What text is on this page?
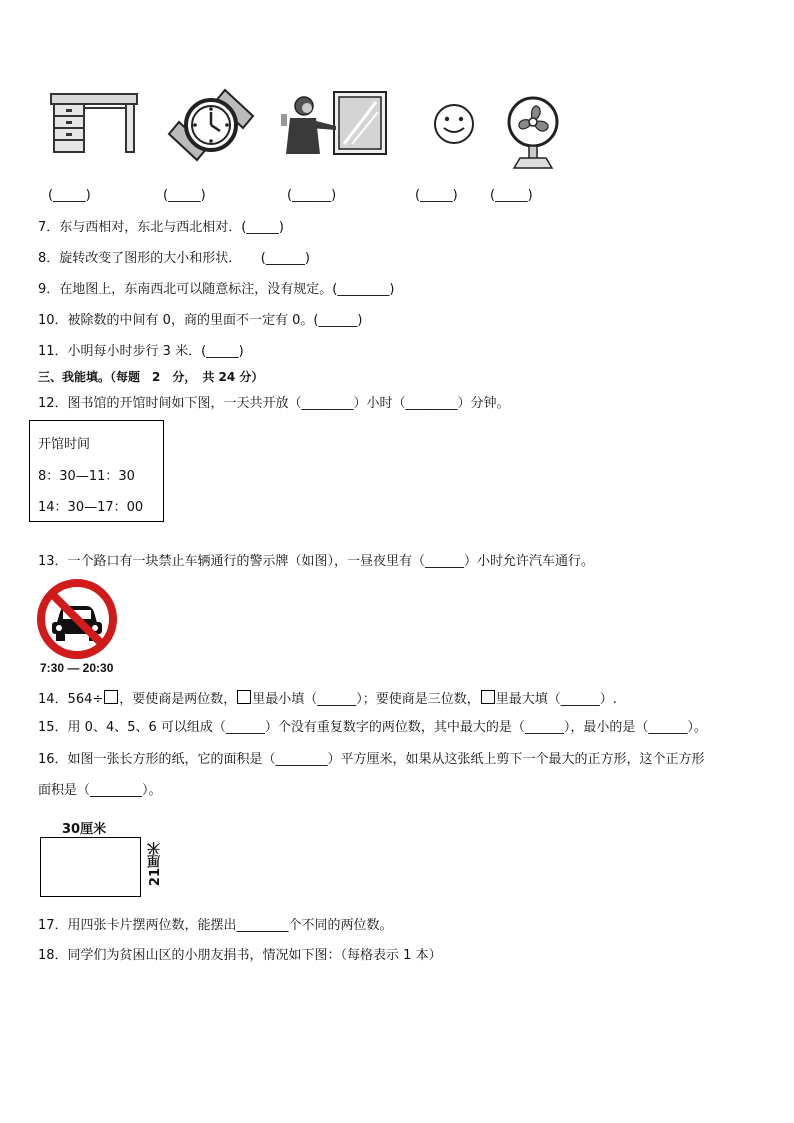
(_____)	(_____)	(______)	(_____) (_____)
7．东与西相对，东北与西北相对．(_____)
8．旋转改变了图形的大小和形状．　　(______)
9．在地图上，东南西北可以随意标注，没有规定。(________)
10．被除数的中间有 0，商的里面不一定有 0。(______)
11．小明每小时步行 3 米．(_____)
三、我能填。（每题　2　分，　共 24 分）
12．图书馆的开馆时间如下图，一天共开放（________）小时（________）分钟。
开馆时间
8：30—11：30
14：30—17：00
13．一个路口有一块禁止车辆通行的警示牌（如图），一昼夜里有（______）小时允许汽车通行。
7:30 — 20:30
14．564÷ ，要使商是两位数， 里最小填（______）；要使商是三位数， 里最大填（______）.
15．用 0、4、5、6 可以组成（______）个没有重复数字的两位数，其中最大的是（______），最小的是（______）。
16．如图一张长方形的纸，它的面积是（________）平方厘米，如果从这张纸上剪下一个最大的正方形，这个正方形
面积是（________）。
30厘米
21厘米
17．用四张卡片摆两位数，能摆出________个不同的两位数。
18．同学们为贫困山区的小朋友捐书，情况如下图：（每格表示 1 本）
